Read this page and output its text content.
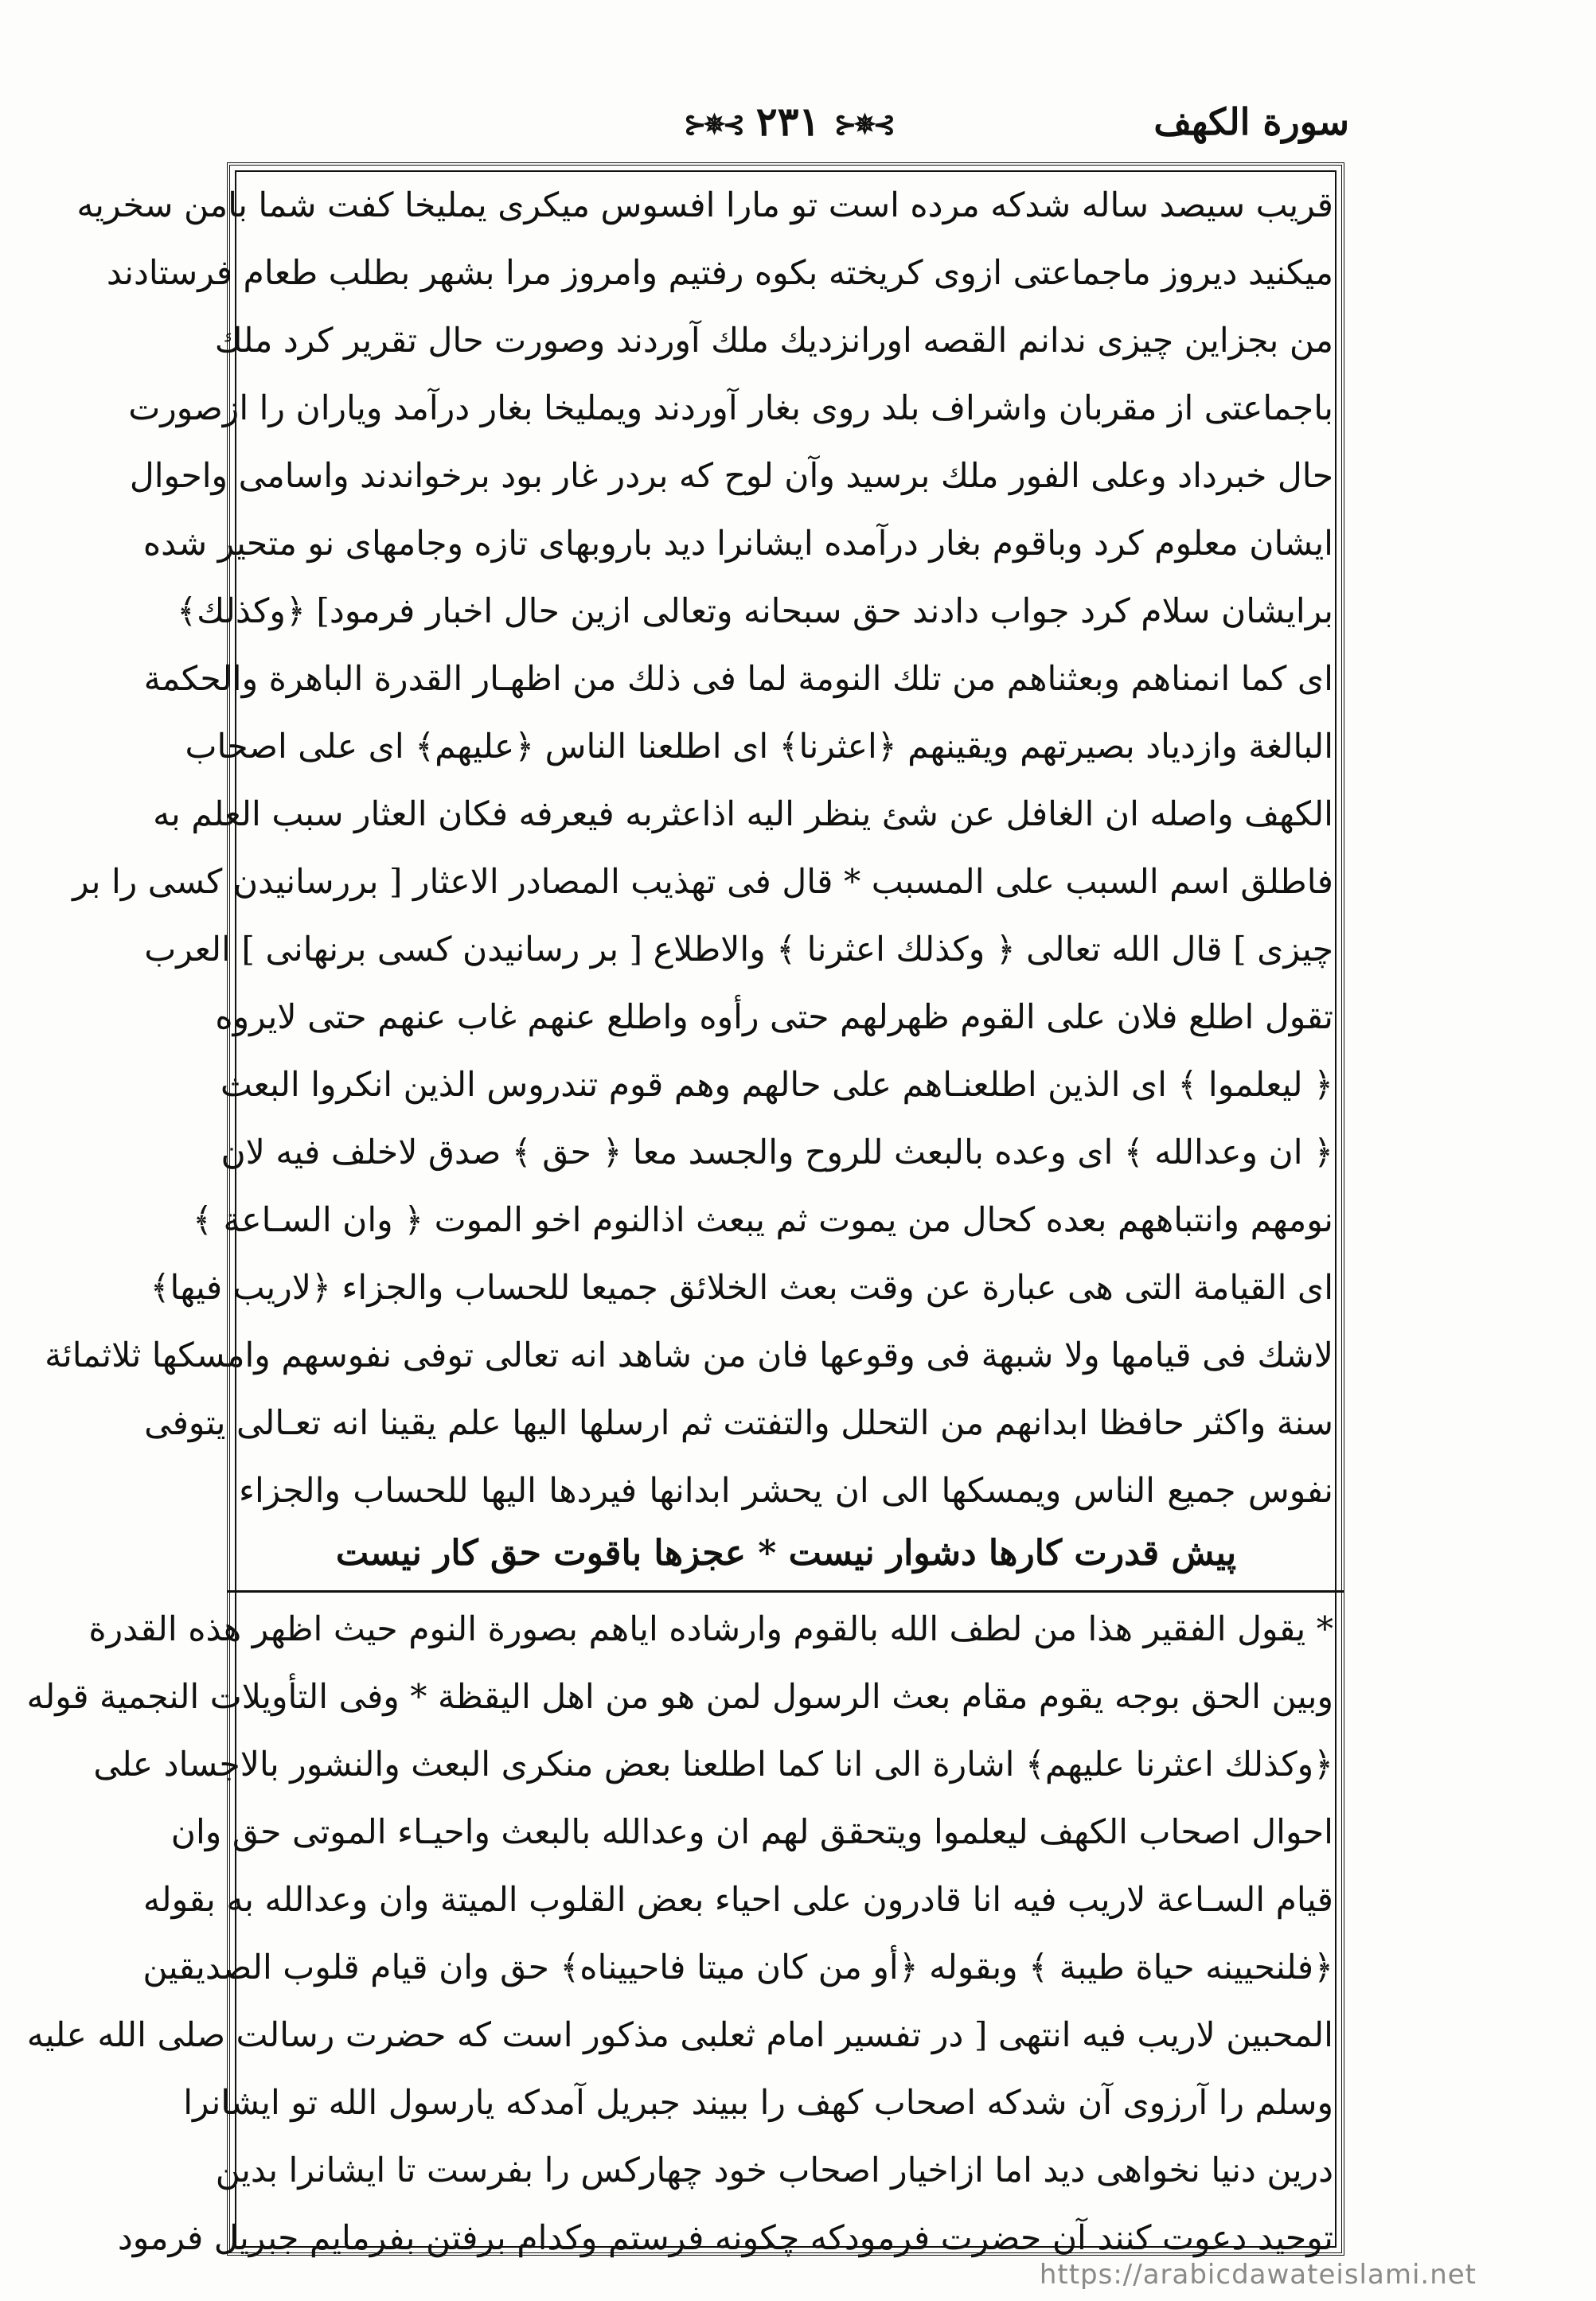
سورة الكهف
⊱✵⊰ ٢٣١ ⊱✵⊰
قريب سيصد ساله شدكه مرده است تو مارا افسوس ميكرى يمليخا كفت شما بامن سخريه
ميكنيد ديروز ماجماعتى ازوى كريخته بكوه رفتيم وامروز مرا بشهر بطلب طعام فرستادند
من بجزاين چيزى ندانم القصه اورانزديك ملك آوردند وصورت حال تقرير كرد ملك
باجماعتى از مقربان واشراف بلد روى بغار آوردند ويمليخا بغار درآمد وياران را ازصورت
حال خبرداد وعلى الفور ملك برسيد وآن لوح كه بردر غار بود برخواندند واسامى واحوال
ايشان معلوم كرد وباقوم بغار درآمده ايشانرا ديد باروبهاى تازه وجامهاى نو متحير شده
برايشان سلام كرد جواب دادند حق سبحانه وتعالى ازين حال اخبار فرمود] ﴿وكذلك﴾
اى كما انمناهم وبعثناهم من تلك النومة لما فى ذلك من اظهـار القدرة الباهرة والحكمة
البالغة وازدياد بصيرتهم ويقينهم ﴿اعثرنا﴾ اى اطلعنا الناس ﴿عليهم﴾ اى على اصحاب
الكهف واصله ان الغافل عن شئ ينظر اليه اذاعثربه فيعرفه فكان العثار سبب العلم به
فاطلق اسم السبب على المسبب * قال فى تهذيب المصادر الاعثار [ بررسانيدن كسى را بر
چيزى ] قال الله تعالى ﴿ وكذلك اعثرنا ﴾ والاطلاع [ بر رسانيدن كسى برنهانى ] العرب
تقول اطلع فلان على القوم ظهرلهم حتى رأوه واطلع عنهم غاب عنهم حتى لايروه
﴿ ليعلموا ﴾ اى الذين اطلعنـاهم على حالهم وهم قوم تندروس الذين انكروا البعث
﴿ ان وعدالله ﴾ اى وعده بالبعث للروح والجسد معا ﴿ حق ﴾ صدق لاخلف فيه لان
نومهم وانتباههم بعده كحال من يموت ثم يبعث اذالنوم اخو الموت ﴿ وان السـاعة ﴾
اى القيامة التى هى عبارة عن وقت بعث الخلائق جميعا للحساب والجزاء ﴿لاريب فيها﴾
لاشك فى قيامها ولا شبهة فى وقوعها فان من شاهد انه تعالى توفى نفوسهم وامسكها ثلاثمائة
سنة واكثر حافظا ابدانهم من التحلل والتفتت ثم ارسلها اليها علم يقينا انه تعـالى يتوفى
نفوس جميع الناس ويمسكها الى ان يحشر ابدانها فيردها اليها للحساب والجزاء
پيش قدرت كارها دشوار نيست * عجزها باقوت حق كار نيست
* يقول الفقير هذا من لطف الله بالقوم وارشاده اياهم بصورة النوم حيث اظهر هذه القدرة
وبين الحق بوجه يقوم مقام بعث الرسول لمن هو من اهل اليقظة * وفى التأويلات النجمية قوله
﴿وكذلك اعثرنا عليهم﴾ اشارة الى انا كما اطلعنا بعض منكرى البعث والنشور بالاجساد على
احوال اصحاب الكهف ليعلموا ويتحقق لهم ان وعدالله بالبعث واحيـاء الموتى حق وان
قيام السـاعة لاريب فيه انا قادرون على احياء بعض القلوب الميتة وان وعدالله به بقوله
﴿فلنحيينه حياة طيبة ﴾ وبقوله ﴿أو من كان ميتا فاحييناه﴾ حق وان قيام قلوب الصديقين
المحبين لاريب فيه انتهى [ در تفسير امام ثعلبى مذكور است كه حضرت رسالت صلى الله عليه
وسلم را آرزوى آن شدكه اصحاب كهف را ببيند جبريل آمدكه يارسول الله تو ايشانرا
درين دنيا نخواهى ديد اما ازاخيار اصحاب خود چهاركس را بفرست تا ايشانرا بدين
توحيد دعوت كنند آن حضرت فرمودكه چكونه فرستم وكدام برفتن بفرمايم جبريل فرمود
https://arabicdawateislami.net
